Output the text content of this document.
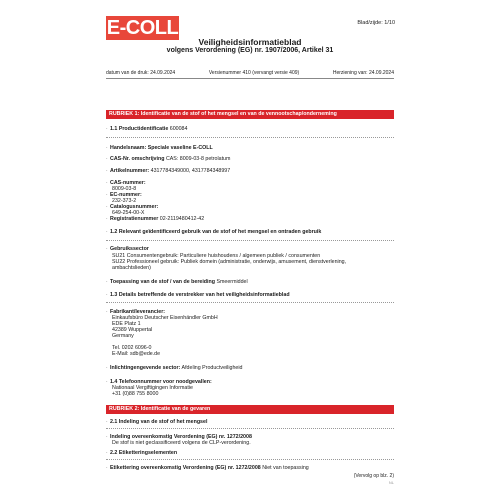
E-COLL	Blad/zijde: 1/10
Veiligheidsinformatieblad
volgens Verordening (EG) nr. 1907/2006, Artikel 31
datum van de druk: 24.09.2024	Versienummer 410 (vervangt versie 409)	Herziening van: 24.09.2024
RUBRIEK 1: Identificatie van de stof of het mengsel en van de vennootschap/onderneming
1.1 Productidentificatie 600084
Handelsnaam: Speciale vaseline E-COLL
CAS-Nr. omschrijving CAS: 8009-03-8 petrolatum
Artikelnummer: 4317784349000, 4317784348997
CAS-nummer:
8009-03-8
EC-nummer:
232-373-2
Catalogusnummer:
649-254-00-X
Registratienummer 02-2119480412-42
1.2 Relevant geïdentificeerd gebruik van de stof of het mengsel en ontraden gebruik
Gebruikssector
SU21 Consumentengebruik: Particuliere huishoudens / algemeen publiek / consumenten
SU22 Professioneel gebruik: Publiek domein (administratie, onderwijs, amusement, dienstverlening,
ambachtslieden)
Toepassing van de stof / van de bereiding Smeermiddel
1.3 Details betreffende de verstrekker van het veiligheidsinformatieblad
Fabrikant/leverancier:
Einkaufsbüro Deutscher Eisenhändler GmbH
EDE Platz 1
42389 Wuppertal
Germany
Tel. 0202 6096-0
E-Mail: sdb@ede.de
Inlichtingengevende sector: Afdeling Productveiligheid
1.4 Telefoonnummer voor noodgevallen:
Nationaal Vergiftigingen Informatie
+31 (0)88 755 8000
RUBRIEK 2: Identificatie van de gevaren
2.1 Indeling van de stof of het mengsel
Indeling overeenkomstig Verordening (EG) nr. 1272/2008
De stof is niet geclassificeerd volgens de CLP-verordening.
2.2 Etiketteringselementen
Etikettering overeenkomstig Verordening (EG) nr. 1272/2008 Niet van toepassing
(Vervolg op blz. 2)
NL
·
·
·
·
·
·
·
·
·
·
·
·
·
·
·
·
·
·
·
